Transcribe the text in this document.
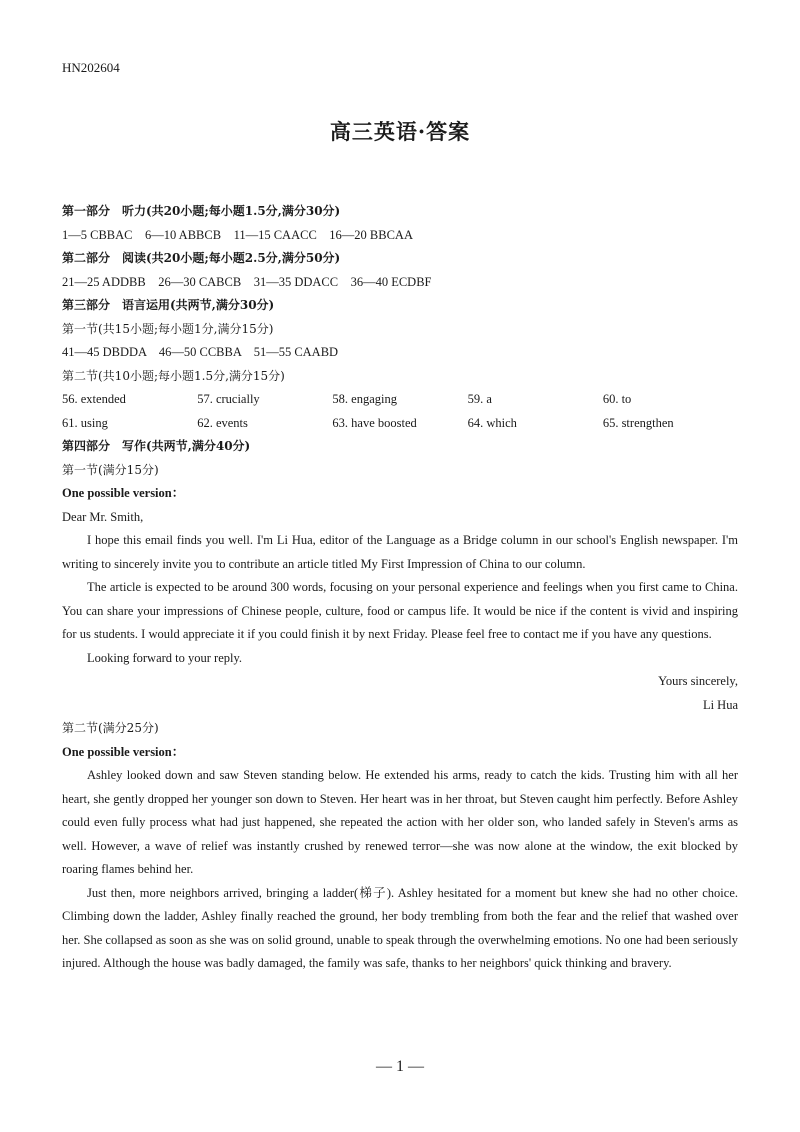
HN202604
高三英语·答案
第一部分　听力(共20小题;每小题1.5分,满分30分)
1—5 CBBAC　6—10 ABBCB　11—15 CAACC　16—20 BBCAA
第二部分　阅读(共20小题;每小题2.5分,满分50分)
21—25 ADDBB　26—30 CABCB　31—35 DDACC　36—40 ECDBF
第三部分　语言运用(共两节,满分30分)
第一节(共15小题;每小题1分,满分15分)
41—45 DBDDA　46—50 CCBBA　51—55 CAABD
第二节(共10小题;每小题1.5分,满分15分)
56. extended	57. crucially	58. engaging	59. a	60. to
61. using	62. events	63. have boosted	64. which	65. strengthen
第四部分　写作(共两节,满分40分)
第一节(满分15分)
One possible version：
Dear Mr. Smith,

I hope this email finds you well. I'm Li Hua, editor of the Language as a Bridge column in our school's English newspaper. I'm writing to sincerely invite you to contribute an article titled My First Impression of China to our column.

The article is expected to be around 300 words, focusing on your personal experience and feelings when you first came to China. You can share your impressions of Chinese people, culture, food or campus life. It would be nice if the content is vivid and inspiring for us students. I would appreciate it if you could finish it by next Friday. Please feel free to contact me if you have any questions.

Looking forward to your reply.

Yours sincerely,
Li Hua
第二节(满分25分)
One possible version：

Ashley looked down and saw Steven standing below. He extended his arms, ready to catch the kids. Trusting him with all her heart, she gently dropped her younger son down to Steven. Her heart was in her throat, but Steven caught him perfectly. Before Ashley could even fully process what had just happened, she repeated the action with her older son, who landed safely in Steven's arms as well. However, a wave of relief was instantly crushed by renewed terror—she was now alone at the window, the exit blocked by roaring flames behind her.

Just then, more neighbors arrived, bringing a ladder(梯子). Ashley hesitated for a moment but knew she had no other choice. Climbing down the ladder, Ashley finally reached the ground, her body trembling from both the fear and the relief that washed over her. She collapsed as soon as she was on solid ground, unable to speak through the overwhelming emotions. No one had been seriously injured. Although the house was badly damaged, the family was safe, thanks to her neighbors' quick thinking and bravery.

— 1 —
